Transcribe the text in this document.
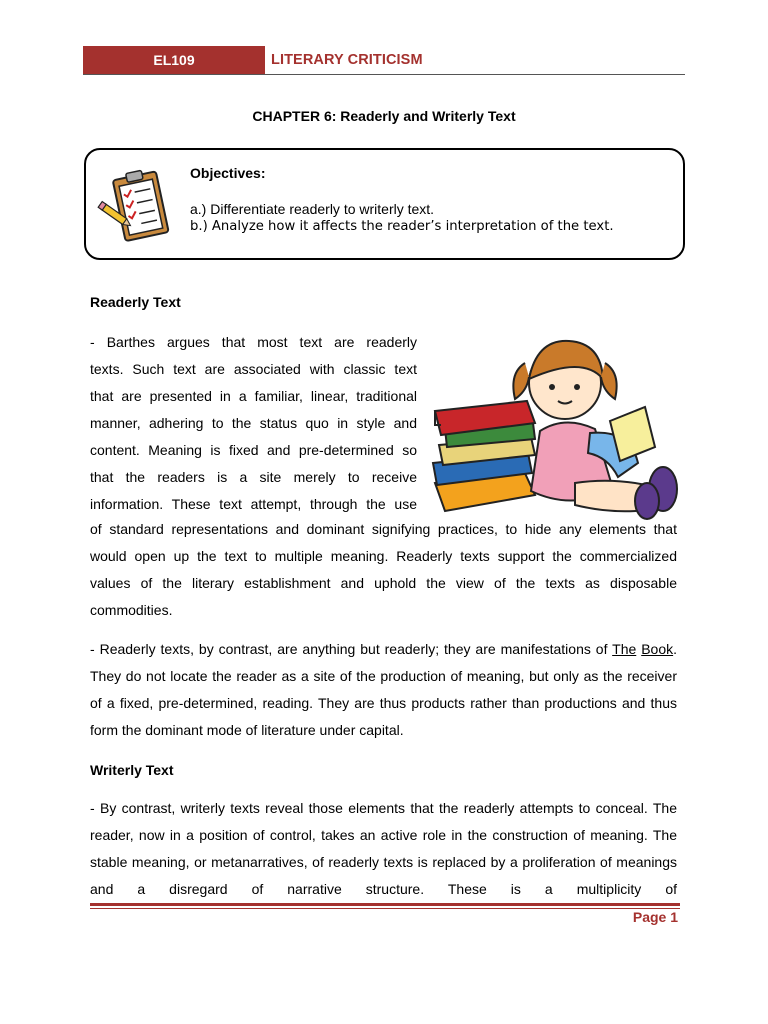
EL109	LITERARY CRITICISM
CHAPTER 6: Readerly and Writerly Text
Objectives:
a.) Differentiate readerly to writerly text.
b.) Analyze how it affects the reader’s interpretation of the text.
Readerly Text
- Barthes argues that most text are readerly
texts. Such text are associated with classic text
that are presented in a familiar, linear, traditional
manner, adhering to the status quo in style and
content. Meaning is fixed and pre-determined so
that the readers is a site merely to receive
information. These text attempt, through the use
of standard representations and dominant signifying practices, to hide any elements that
would open up the text to multiple meaning. Readerly texts support the commercialized
values of the literary establishment and uphold the view of the texts as disposable
commodities.
- Readerly texts, by contrast, are anything but readerly; they are manifestations of The Book. They do not locate the reader as a site of the production of meaning, but only as the receiver of a fixed, pre-determined, reading. They are thus products rather than productions and thus form the dominant mode of literature under capital.
Writerly Text
- By contrast, writerly texts reveal those elements that the readerly attempts to conceal. The reader, now in a position of control, takes an active role in the construction of meaning. The stable meaning, or metanarratives, of readerly texts is replaced by a proliferation of meanings and a disregard of narrative structure. These is a multiplicity of
Page 1
